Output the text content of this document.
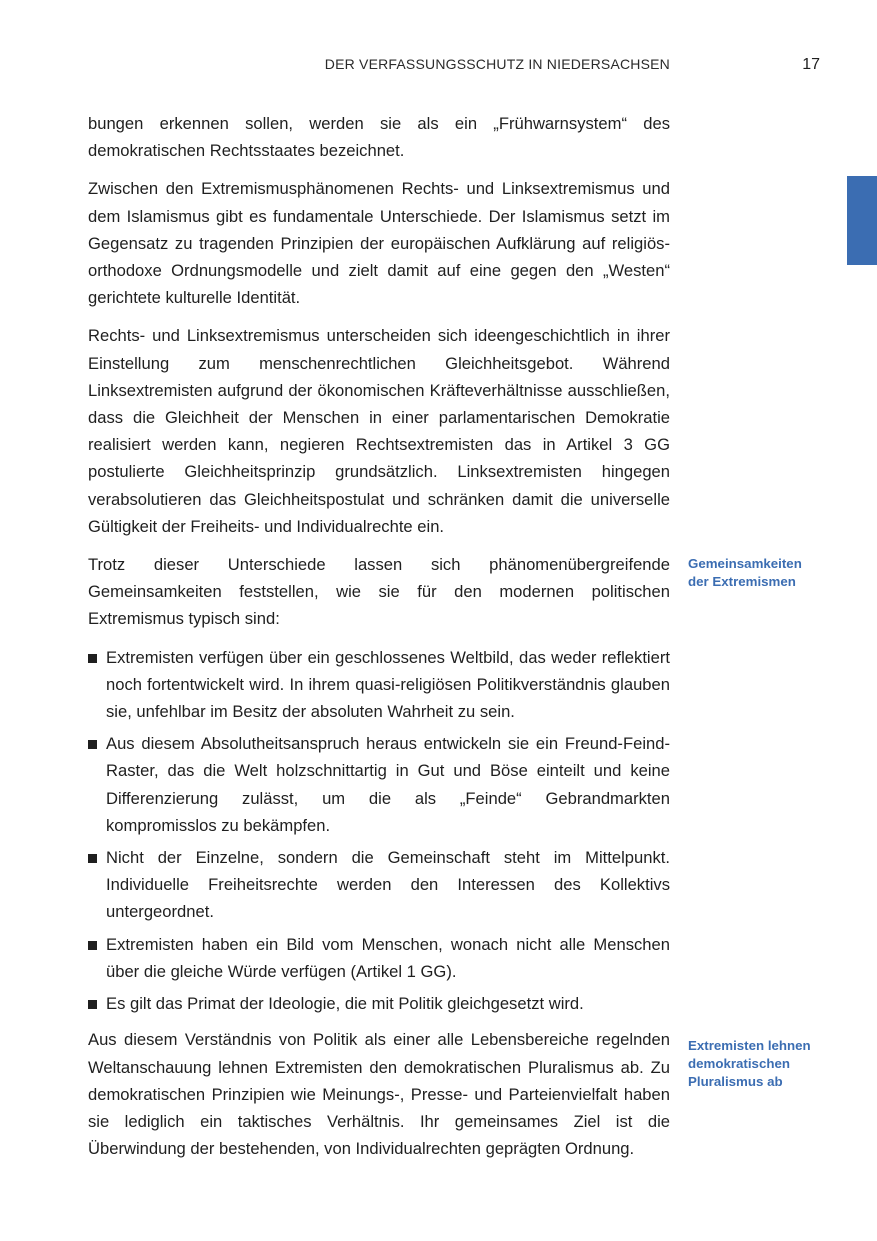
DER VERFASSUNGSSCHUTZ IN NIEDERSACHSEN	17

bungen erkennen sollen, werden sie als ein „Frühwarnsystem“ des demokratischen Rechtsstaates bezeichnet.

Zwischen den Extremismusphänomenen Rechts- und Linksextremismus und dem Islamismus gibt es fundamentale Unterschiede. Der Islamismus setzt im Gegensatz zu tragenden Prinzipien der europäischen Aufklärung auf religiös-orthodoxe Ordnungsmodelle und zielt damit auf eine gegen den „Westen“ gerichtete kulturelle Identität.

Rechts- und Linksextremismus unterscheiden sich ideengeschichtlich in ihrer Einstellung zum menschenrechtlichen Gleichheitsgebot. Während Linksextremisten aufgrund der ökonomischen Kräfteverhältnisse ausschließen, dass die Gleichheit der Menschen in einer parlamentarischen Demokratie realisiert werden kann, negieren Rechtsextremisten das in Artikel 3 GG postulierte Gleichheitsprinzip grundsätzlich. Linksextremisten hingegen verabsolutieren das Gleichheitspostulat und schränken damit die universelle Gültigkeit der Freiheits- und Individualrechte ein.

Trotz dieser Unterschiede lassen sich phänomenübergreifende Gemeinsamkeiten feststellen, wie sie für den modernen politischen Extremismus typisch sind:

Extremisten verfügen über ein geschlossenes Weltbild, das weder reflektiert noch fortentwickelt wird. In ihrem quasi-religiösen Politikverständnis glauben sie, unfehlbar im Besitz der absoluten Wahrheit zu sein.
Aus diesem Absolutheitsanspruch heraus entwickeln sie ein Freund-Feind-Raster, das die Welt holzschnittartig in Gut und Böse einteilt und keine Differenzierung zulässt, um die als „Feinde“ Gebrandmarkten kompromisslos zu bekämpfen.
Nicht der Einzelne, sondern die Gemeinschaft steht im Mittelpunkt. Individuelle Freiheitsrechte werden den Interessen des Kollektivs untergeordnet.
Extremisten haben ein Bild vom Menschen, wonach nicht alle Menschen über die gleiche Würde verfügen (Artikel 1 GG).
Es gilt das Primat der Ideologie, die mit Politik gleichgesetzt wird.

Aus diesem Verständnis von Politik als einer alle Lebensbereiche regelnden Weltanschauung lehnen Extremisten den demokratischen Pluralismus ab. Zu demokratischen Prinzipien wie Meinungs-, Presse- und Parteienvielfalt haben sie lediglich ein taktisches Verhältnis. Ihr gemeinsames Ziel ist die Überwindung der bestehenden, von Individualrechten geprägten Ordnung.

Gemeinsamkeiten
der Extremismen
Extremisten lehnen
demokratischen
Pluralismus ab
